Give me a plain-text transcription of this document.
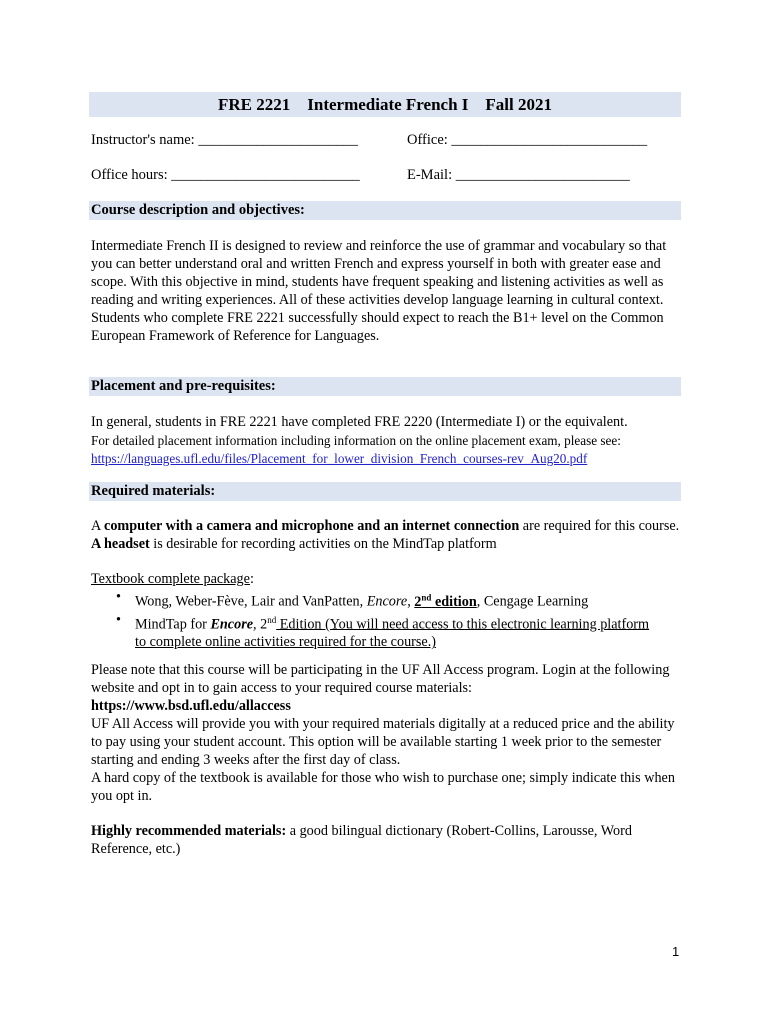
FRE 2221 Intermediate French I Fall 2021
Instructor's name: ______________________	Office: ___________________________
Office hours: __________________________	E-Mail: ________________________
Course description and objectives:
Intermediate French II is designed to review and reinforce the use of grammar and vocabulary so that you can better understand oral and written French and express yourself in both with greater ease and scope. With this objective in mind, students have frequent speaking and listening activities as well as reading and writing experiences. All of these activities develop language learning in cultural context. Students who complete FRE 2221 successfully should expect to reach the B1+ level on the Common European Framework of Reference for Languages.
Placement and pre-requisites:
In general, students in FRE 2221 have completed FRE 2220 (Intermediate I) or the equivalent.
For detailed placement information including information on the online placement exam, please see:
https://languages.ufl.edu/files/Placement_for_lower_division_French_courses-rev_Aug20.pdf
Required materials:
A computer with a camera and microphone and an internet connection are required for this course. A headset is desirable for recording activities on the MindTap platform
Textbook complete package:
• Wong, Weber-Fève, Lair and VanPatten, Encore, 2nd edition, Cengage Learning
• MindTap for Encore, 2nd Edition (You will need access to this electronic learning platform to complete online activities required for the course.)
Please note that this course will be participating in the UF All Access program. Login at the following website and opt in to gain access to your required course materials:
https://www.bsd.ufl.edu/allaccess
UF All Access will provide you with your required materials digitally at a reduced price and the ability to pay using your student account. This option will be available starting 1 week prior to the semester starting and ending 3 weeks after the first day of class.
A hard copy of the textbook is available for those who wish to purchase one; simply indicate this when you opt in.
Highly recommended materials: a good bilingual dictionary (Robert-Collins, Larousse, Word Reference, etc.)
1
